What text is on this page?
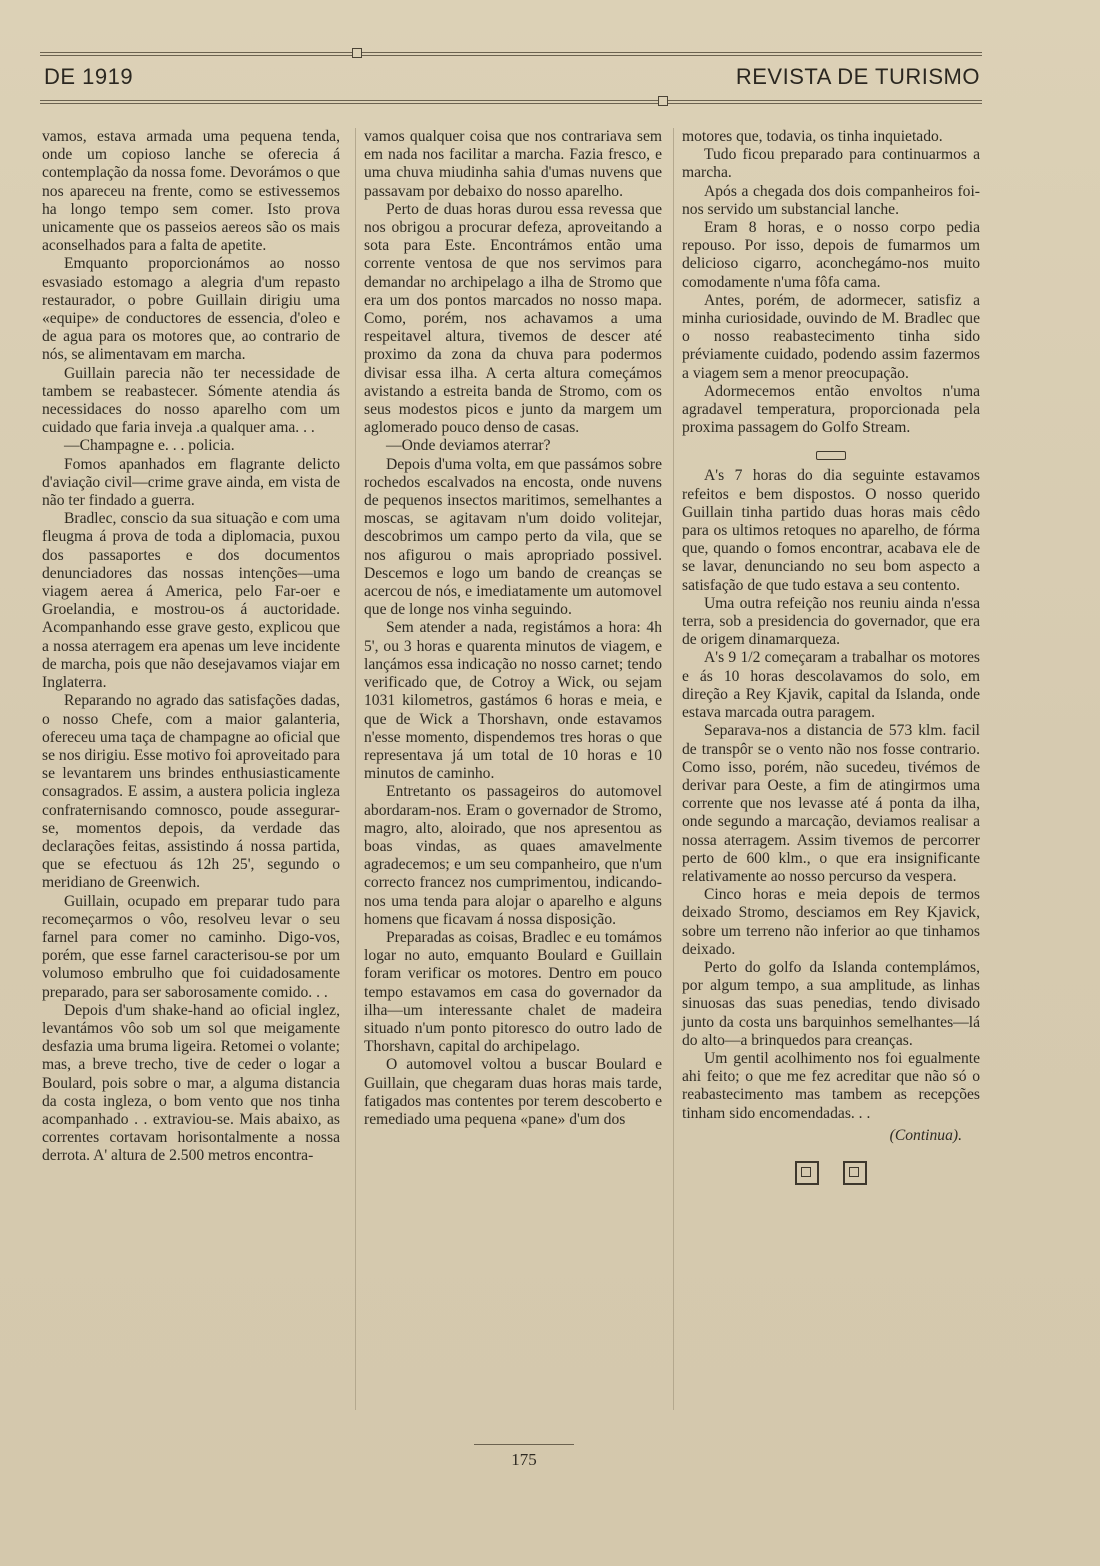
DE 1919	REVISTA DE TURISMO

vamos, estava armada uma pequena tenda, onde um copioso lanche se oferecia á contemplação da nossa fome. Devorámos o que nos apareceu na frente, como se estivessemos ha longo tempo sem comer. Isto prova unicamente que os passeios aereos são os mais aconselhados para a falta de apetite.

Emquanto proporcionámos ao nosso esvasiado estomago a alegria d'um repasto restaurador, o pobre Guillain dirigiu uma «equipe» de conductores de essencia, d'oleo e de agua para os motores que, ao contrario de nós, se alimentavam em marcha.

Guillain parecia não ter necessidade de tambem se reabastecer. Sómente atendia ás necessidaces do nosso aparelho com um cuidado que faria inveja .a qualquer ama. . .

—Champagne e. . . policia.

Fomos apanhados em flagrante delicto d'aviação civil—crime grave ainda, em vista de não ter findado a guerra.

Bradlec, conscio da sua situação e com uma fleugma á prova de toda a diplomacia, puxou dos passaportes e dos documentos denunciadores das nossas intenções—uma viagem aerea á America, pelo Far-oer e Groelandia, e mostrou-os á auctoridade. Acompanhando esse grave gesto, explicou que a nossa aterragem era apenas um leve incidente de marcha, pois que não desejavamos viajar em Inglaterra.

Reparando no agrado das satisfações dadas, o nosso Chefe, com a maior galanteria, ofereceu uma taça de champagne ao oficial que se nos dirigiu. Esse motivo foi aproveitado para se levantarem uns brindes enthusiasticamente consagrados. E assim, a austera policia ingleza confraternisando comnosco, poude assegurar-se, momentos depois, da verdade das declarações feitas, assistindo á nossa partida, que se efectuou ás 12h 25', segundo o meridiano de Greenwich.

Guillain, ocupado em preparar tudo para recomeçarmos o vôo, resolveu levar o seu farnel para comer no caminho. Digo-vos, porém, que esse farnel caracterisou-se por um volumoso embrulho que foi cuidadosamente preparado, para ser saborosamente comido. . .

Depois d'um shake-hand ao oficial inglez, levantámos vôo sob um sol que meigamente desfazia uma bruma ligeira. Retomei o volante; mas, a breve trecho, tive de ceder o logar a Boulard, pois sobre o mar, a alguma distancia da costa ingleza, o bom vento que nos tinha acompanhado . . extraviou-se. Mais abaixo, as correntes cortavam horisontalmente a nossa derrota. A' altura de 2.500 metros encontra-

vamos qualquer coisa que nos contrariava sem em nada nos facilitar a marcha. Fazia fresco, e uma chuva miudinha sahia d'umas nuvens que passavam por debaixo do nosso aparelho.

Perto de duas horas durou essa revessa que nos obrigou a procurar defeza, aproveitando a sota para Este. Encontrámos então uma corrente ventosa de que nos servimos para demandar no archipelago a ilha de Stromo que era um dos pontos marcados no nosso mapa. Como, porém, nos achavamos a uma respeitavel altura, tivemos de descer até proximo da zona da chuva para podermos divisar essa ilha. A certa altura começámos avistando a estreita banda de Stromo, com os seus modestos picos e junto da margem um aglomerado pouco denso de casas.

—Onde deviamos aterrar?

Depois d'uma volta, em que passámos sobre rochedos escalvados na encosta, onde nuvens de pequenos insectos maritimos, semelhantes a moscas, se agitavam n'um doido volitejar, descobrimos um campo perto da vila, que se nos afigurou o mais apropriado possivel. Descemos e logo um bando de creanças se acercou de nós, e imediatamente um automovel que de longe nos vinha seguindo.

Sem atender a nada, registámos a hora: 4h 5', ou 3 horas e quarenta minutos de viagem, e lançámos essa indicação no nosso carnet; tendo verificado que, de Cotroy a Wick, ou sejam 1031 kilometros, gastámos 6 horas e meia, e que de Wick a Thorshavn, onde estavamos n'esse momento, dispendemos tres horas o que representava já um total de 10 horas e 10 minutos de caminho.

Entretanto os passageiros do automovel abordaram-nos. Eram o governador de Stromo, magro, alto, aloirado, que nos apresentou as boas vindas, as quaes amavelmente agradecemos; e um seu companheiro, que n'um correcto francez nos cumprimentou, indicando-nos uma tenda para alojar o aparelho e alguns homens que ficavam á nossa disposição.

Preparadas as coisas, Bradlec e eu tomámos logar no auto, emquanto Boulard e Guillain foram verificar os motores. Dentro em pouco tempo estavamos em casa do governador da ilha—um interessante chalet de madeira situado n'um ponto pitoresco do outro lado de Thorshavn, capital do archipelago.

O automovel voltou a buscar Boulard e Guillain, que chegaram duas horas mais tarde, fatigados mas contentes por terem descoberto e remediado uma pequena «pane» d'um dos

motores que, todavia, os tinha inquietado.

Tudo ficou preparado para continuarmos a marcha.

Após a chegada dos dois companheiros foi-nos servido um substancial lanche.

Eram 8 horas, e o nosso corpo pedia repouso. Por isso, depois de fumarmos um delicioso cigarro, aconchegámo-nos muito comodamente n'uma fôfa cama.

Antes, porém, de adormecer, satisfiz a minha curiosidade, ouvindo de M. Bradlec que o nosso reabastecimento tinha sido préviamente cuidado, podendo assim fazermos a viagem sem a menor preocupação.

Adormecemos então envoltos n'uma agradavel temperatura, proporcionada pela proxima passagem do Golfo Stream.

A's 7 horas do dia seguinte estavamos refeitos e bem dispostos. O nosso querido Guillain tinha partido duas horas mais cêdo para os ultimos retoques no aparelho, de fórma que, quando o fomos encontrar, acabava ele de se lavar, denunciando no seu bom aspecto a satisfação de que tudo estava a seu contento.

Uma outra refeição nos reuniu ainda n'essa terra, sob a presidencia do governador, que era de origem dinamarqueza.

A's 9 1/2 começaram a trabalhar os motores e ás 10 horas descolavamos do solo, em direção a Rey Kjavik, capital da Islanda, onde estava marcada outra paragem.

Separava-nos a distancia de 573 klm. facil de transpôr se o vento não nos fosse contrario. Como isso, porém, não sucedeu, tivémos de derivar para Oeste, a fim de atingirmos uma corrente que nos levasse até á ponta da ilha, onde segundo a marcação, deviamos realisar a nossa aterragem. Assim tivemos de percorrer perto de 600 klm., o que era insignificante relativamente ao nosso percurso da vespera.

Cinco horas e meia depois de termos deixado Stromo, desciamos em Rey Kjavick, sobre um terreno não inferior ao que tinhamos deixado.

Perto do golfo da Islanda contemplámos, por algum tempo, a sua amplitude, as linhas sinuosas das suas penedias, tendo divisado junto da costa uns barquinhos semelhantes—lá do alto—a brinquedos para creanças.

Um gentil acolhimento nos foi egualmente ahi feito; o que me fez acreditar que não só o reabastecimento mas tambem as recepções tinham sido encomendadas. . .

(Continua).

175
